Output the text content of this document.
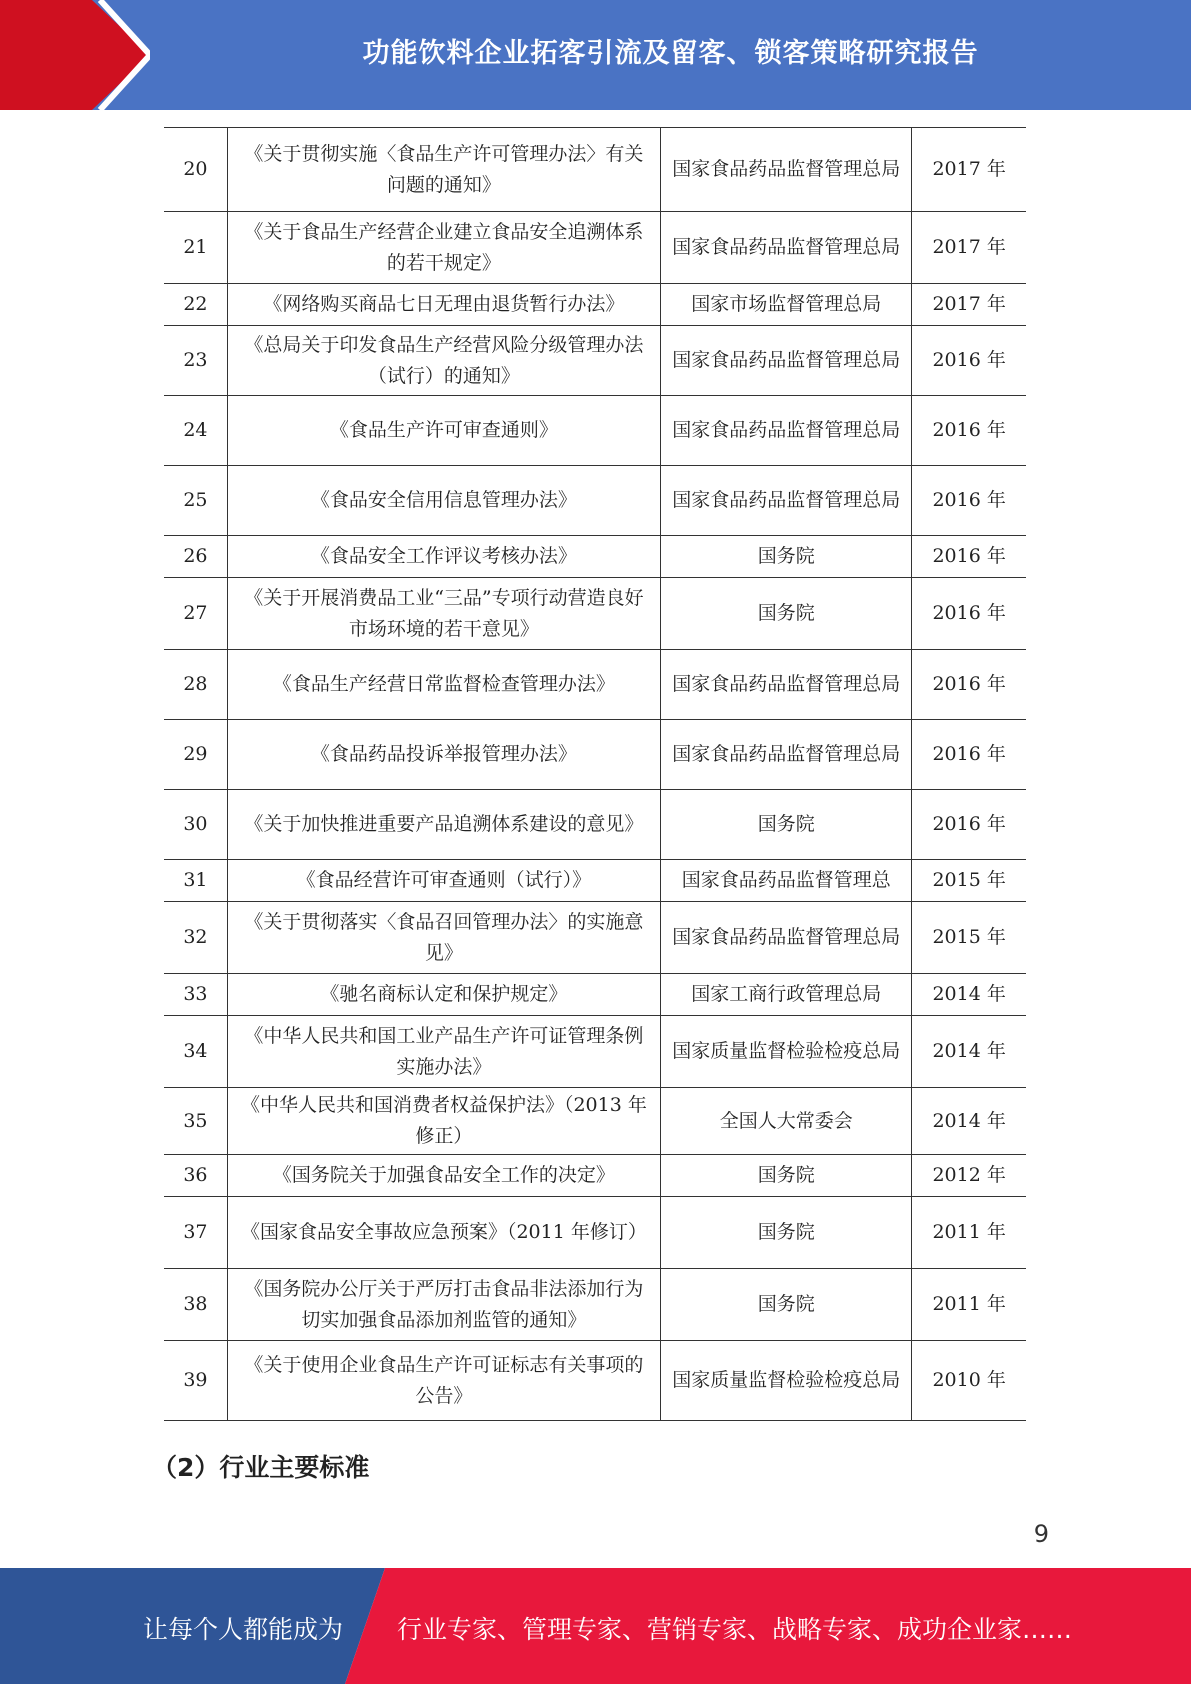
功能饮料企业拓客引流及留客、锁客策略研究报告
20	《关于贯彻实施〈食品生产许可管理办法〉有关问题的通知》	国家食品药品监督管理总局	2017 年
21	《关于食品生产经营企业建立食品安全追溯体系的若干规定》	国家食品药品监督管理总局	2017 年
22	《网络购买商品七日无理由退货暂行办法》	国家市场监督管理总局	2017 年
23	《总局关于印发食品生产经营风险分级管理办法（试行）的通知》	国家食品药品监督管理总局	2016 年
24	《食品生产许可审查通则》	国家食品药品监督管理总局	2016 年
25	《食品安全信用信息管理办法》	国家食品药品监督管理总局	2016 年
26	《食品安全工作评议考核办法》	国务院	2016 年
27	《关于开展消费品工业“三品”专项行动营造良好市场环境的若干意见》	国务院	2016 年
28	《食品生产经营日常监督检查管理办法》	国家食品药品监督管理总局	2016 年
29	《食品药品投诉举报管理办法》	国家食品药品监督管理总局	2016 年
30	《关于加快推进重要产品追溯体系建设的意见》	国务院	2016 年
31	《食品经营许可审查通则（试行）》	国家食品药品监督管理总	2015 年
32	《关于贯彻落实〈食品召回管理办法〉的实施意见》	国家食品药品监督管理总局	2015 年
33	《驰名商标认定和保护规定》	国家工商行政管理总局	2014 年
34	《中华人民共和国工业产品生产许可证管理条例实施办法》	国家质量监督检验检疫总局	2014 年
35	《中华人民共和国消费者权益保护法》（2013 年修正）	全国人大常委会	2014 年
36	《国务院关于加强食品安全工作的决定》	国务院	2012 年
37	《国家食品安全事故应急预案》（2011 年修订）	国务院	2011 年
38	《国务院办公厅关于严厉打击食品非法添加行为切实加强食品添加剂监管的通知》	国务院	2011 年
39	《关于使用企业食品生产许可证标志有关事项的公告》	国家质量监督检验检疫总局	2010 年
（2）行业主要标准
9
让每个人都能成为 行业专家、管理专家、营销专家、战略专家、成功企业家……
